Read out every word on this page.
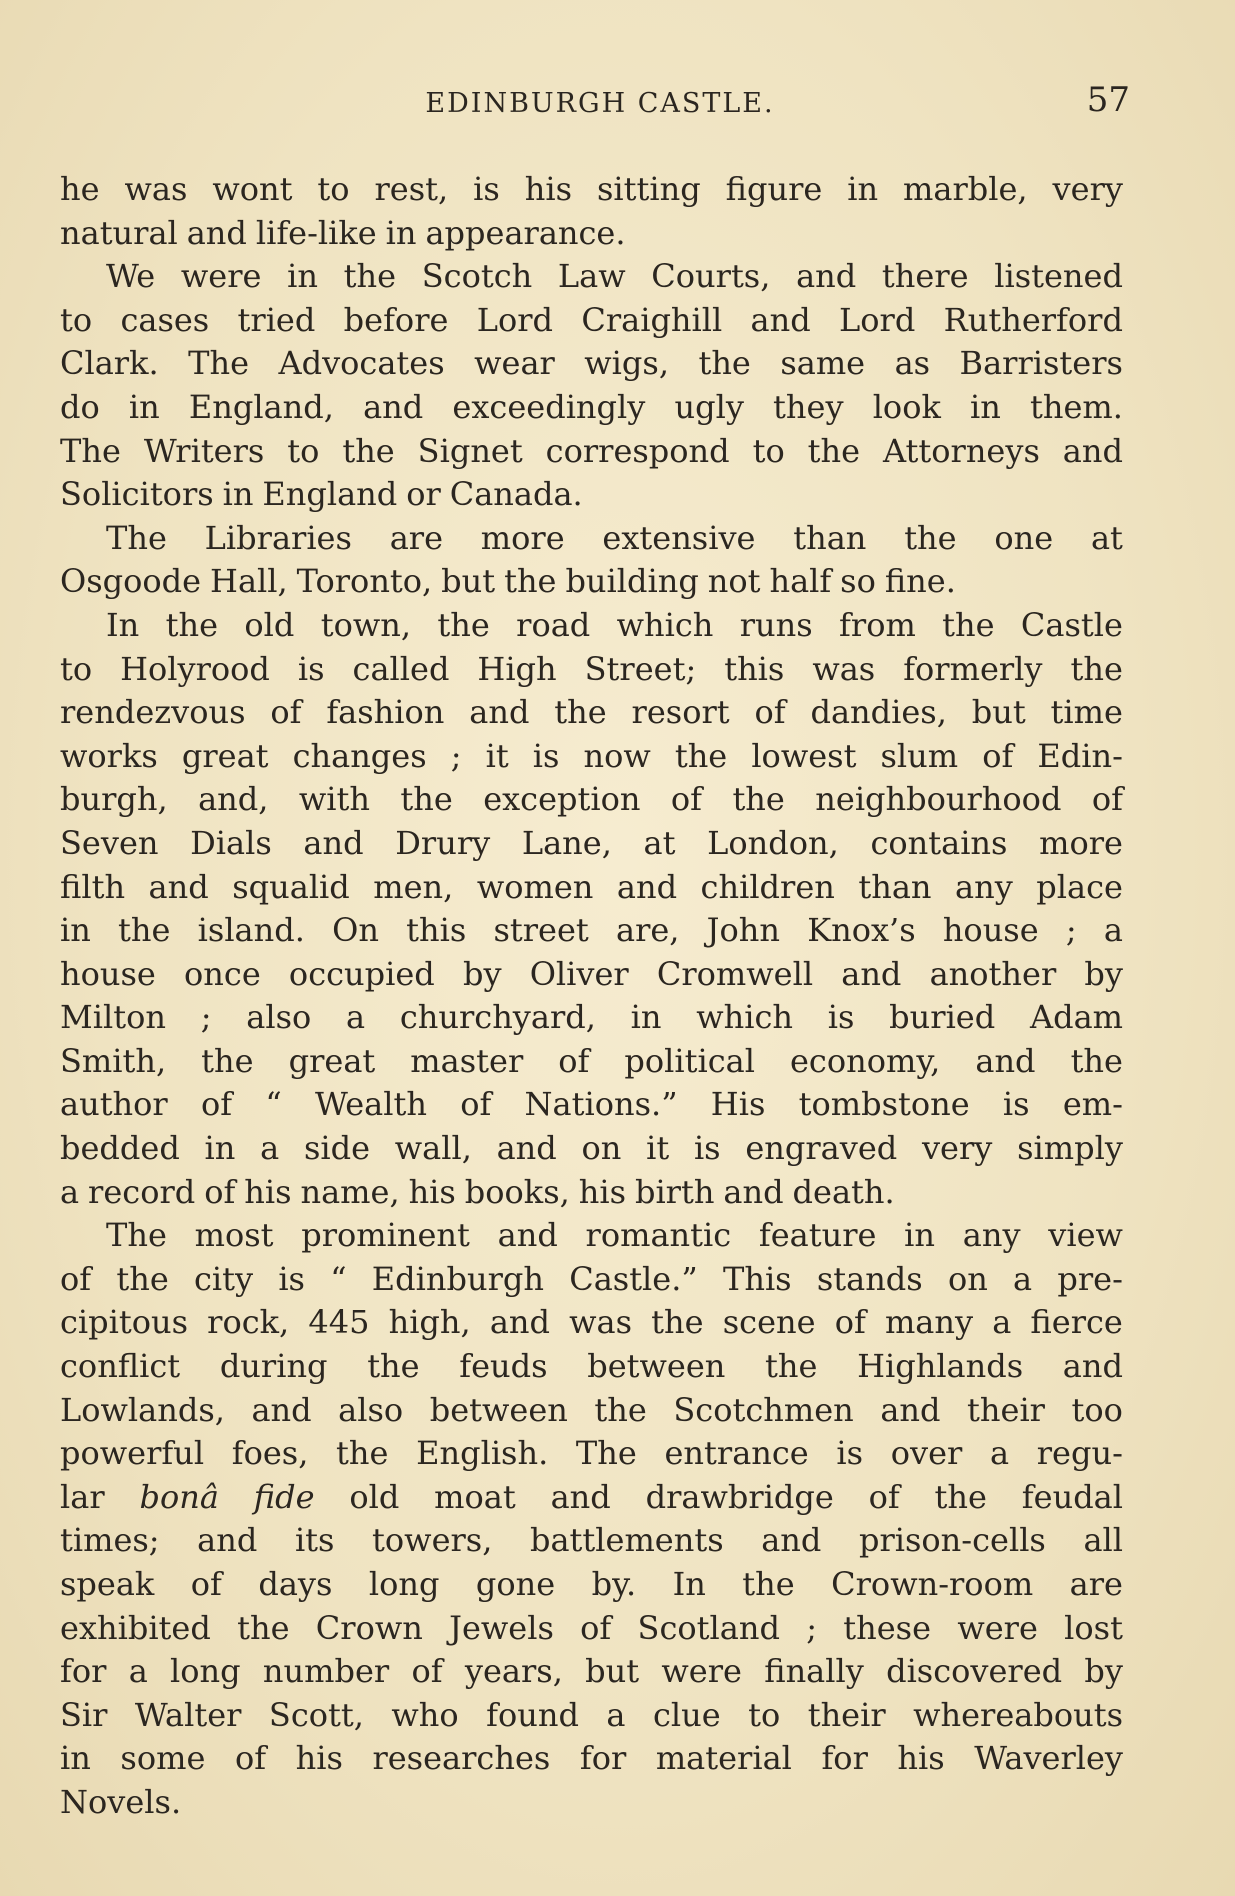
EDINBURGH CASTLE.	57
he was wont to rest, is his sitting figure in marble, very
natural and life-like in appearance.
We were in the Scotch Law Courts, and there listened
to cases tried before Lord Craighill and Lord Rutherford
Clark. The Advocates wear wigs, the same as Barristers
do in England, and exceedingly ugly they look in them.
The Writers to the Signet correspond to the Attorneys and
Solicitors in England or Canada.
The Libraries are more extensive than the one at
Osgoode Hall, Toronto, but the building not half so fine.
In the old town, the road which runs from the Castle
to Holyrood is called High Street; this was formerly the
rendezvous of fashion and the resort of dandies, but time
works great changes ; it is now the lowest slum of Edin-
burgh, and, with the exception of the neighbourhood of
Seven Dials and Drury Lane, at London, contains more
filth and squalid men, women and children than any place
in the island. On this street are, John Knox’s house ; a
house once occupied by Oliver Cromwell and another by
Milton ; also a churchyard, in which is buried Adam
Smith, the great master of political economy, and the
author of “ Wealth of Nations.” His tombstone is em-
bedded in a side wall, and on it is engraved very simply
a record of his name, his books, his birth and death.
The most prominent and romantic feature in any view
of the city is “ Edinburgh Castle.” This stands on a pre-
cipitous rock, 445 high, and was the scene of many a fierce
conflict during the feuds between the Highlands and
Lowlands, and also between the Scotchmen and their too
powerful foes, the English. The entrance is over a regu-
lar bonâ fide old moat and drawbridge of the feudal
times; and its towers, battlements and prison-cells all
speak of days long gone by. In the Crown-room are
exhibited the Crown Jewels of Scotland ; these were lost
for a long number of years, but were finally discovered by
Sir Walter Scott, who found a clue to their whereabouts
in some of his researches for material for his Waverley
Novels.
